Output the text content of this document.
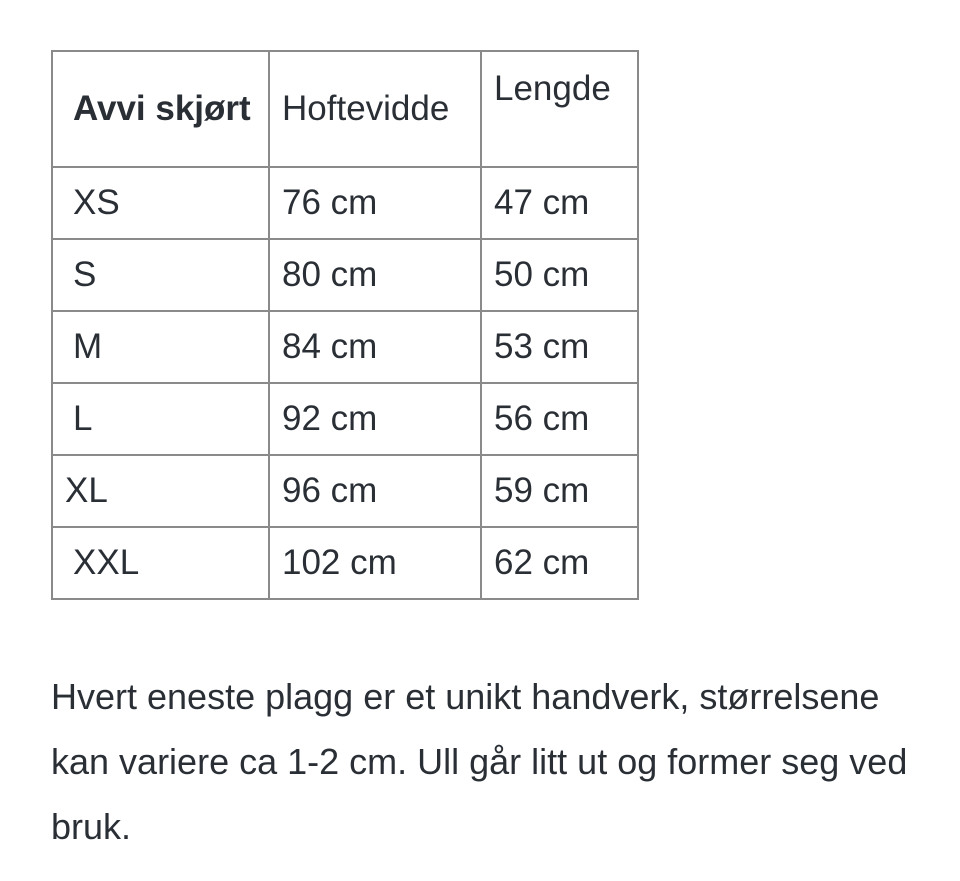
Avvi skjørt	Hoftevidde	Lengde
XS	76 cm	47 cm
S	80 cm	50 cm
M	84 cm	53 cm
L	92 cm	56 cm
XL	96 cm	59 cm
XXL	102 cm	62 cm

Hvert eneste plagg er et unikt handverk, størrelsene kan variere ca 1-2 cm. Ull går litt ut og former seg ved bruk.
